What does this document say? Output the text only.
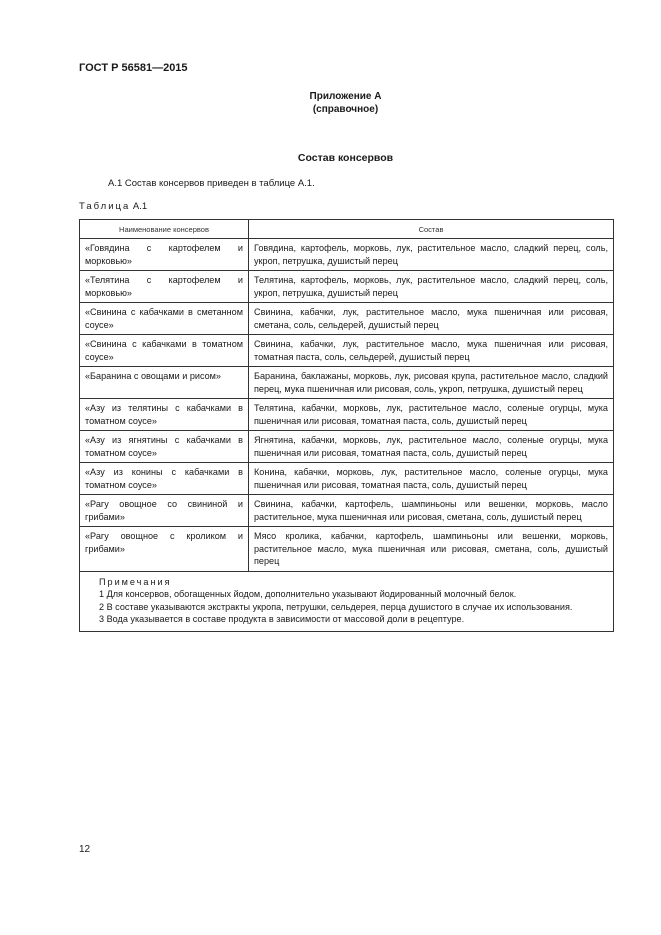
ГОСТ Р 56581—2015
Приложение А
(справочное)
Состав консервов
А.1 Состав консервов приведен в таблице А.1.
Таблица А.1
Наименование консервов	Состав
«Говядина с картофелем и морковью»	Говядина, картофель, морковь, лук, растительное масло, сладкий перец, соль, укроп, петрушка, душистый перец
«Телятина с картофелем и морковью»	Телятина, картофель, морковь, лук, растительное масло, сладкий перец, соль, укроп, петрушка, душистый перец
«Свинина с кабачками в сметанном соусе»	Свинина, кабачки, лук, растительное масло, мука пшеничная или рисовая, сметана, соль, сельдерей, душистый перец
«Свинина с кабачками в томатном соусе»	Свинина, кабачки, лук, растительное масло, мука пшеничная или рисовая, томатная паста, соль, сельдерей, душистый перец
«Баранина с овощами и рисом»	Баранина, баклажаны, морковь, лук, рисовая крупа, растительное масло, сладкий перец, мука пшеничная или рисовая, соль, укроп, петрушка, душистый перец
«Азу из телятины с кабачками в томатном соусе»	Телятина, кабачки, морковь, лук, растительное масло, соленые огурцы, мука пшеничная или рисовая, томатная паста, соль, душистый перец
«Азу из ягнятины с кабачками в томатном соусе»	Ягнятина, кабачки, морковь, лук, растительное масло, соленые огурцы, мука пшеничная или рисовая, томатная паста, соль, душистый перец
«Азу из конины с кабачками в томатном соусе»	Конина, кабачки, морковь, лук, растительное масло, соленые огурцы, мука пшеничная или рисовая, томатная паста, соль, душистый перец
«Рагу овощное со свининой и грибами»	Свинина, кабачки, картофель, шампиньоны или вешенки, морковь, масло растительное, мука пшеничная или рисовая, сметана, соль, душистый перец
«Рагу овощное с кроликом и грибами»	Мясо кролика, кабачки, картофель, шампиньоны или вешенки, морковь, растительное масло, мука пшеничная или рисовая, сметана, соль, душистый перец

Примечания
1 Для консервов, обогащенных йодом, дополнительно указывают йодированный молочный белок.
2 В составе указываются экстракты укропа, петрушки, сельдерея, перца душистого в случае их использования.
3 Вода указывается в составе продукта в зависимости от массовой доли в рецептуре.	
12
